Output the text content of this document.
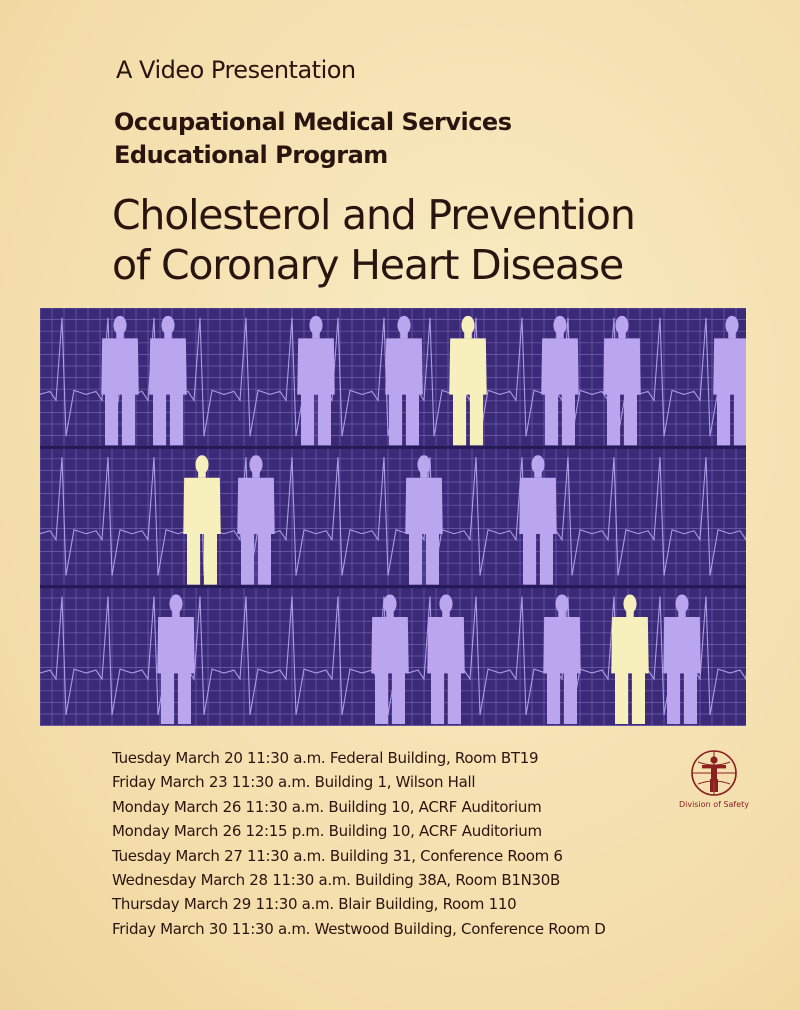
A Video Presentation
Occupational Medical Services
Educational Program
Cholesterol and Prevention
of Coronary Heart Disease
Tuesday March 20 11:30 a.m. Federal Building, Room BT19
Friday March 23 11:30 a.m. Building 1, Wilson Hall
Monday March 26 11:30 a.m. Building 10, ACRF Auditorium
Monday March 26 12:15 p.m. Building 10, ACRF Auditorium
Tuesday March 27 11:30 a.m. Building 31, Conference Room 6
Wednesday March 28 11:30 a.m. Building 38A, Room B1N30B
Thursday March 29 11:30 a.m. Blair Building, Room 110
Friday March 30 11:30 a.m. Westwood Building, Conference Room D
Division of Safety
